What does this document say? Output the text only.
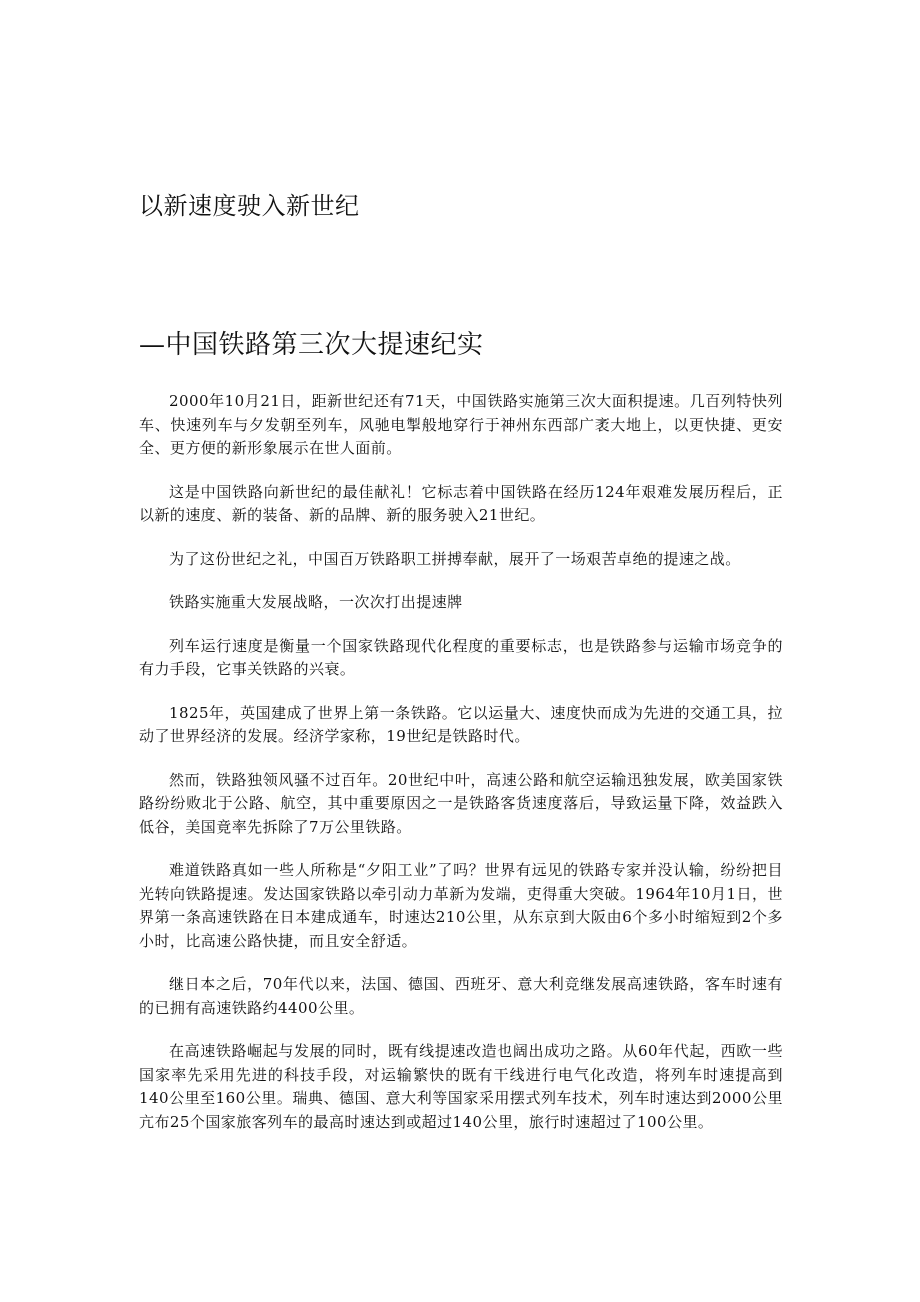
以新速度驶入新世纪
—中国铁路第三次大提速纪实

2000年10月21日，距新世纪还有71天，中国铁路实施第三次大面积提速。几百列特快列车、快速列车与夕发朝至列车，风驰电掣般地穿行于神州东西部广袤大地上，以更快捷、更安全、更方便的新形象展示在世人面前。

这是中国铁路向新世纪的最佳献礼！它标志着中国铁路在经历124年艰难发展历程后，正以新的速度、新的装备、新的品牌、新的服务驶入21世纪。

为了这份世纪之礼，中国百万铁路职工拼搏奉献，展开了一场艰苦卓绝的提速之战。

铁路实施重大发展战略，一次次打出提速牌

列车运行速度是衡量一个国家铁路现代化程度的重要标志，也是铁路参与运输市场竞争的有力手段，它事关铁路的兴衰。

1825年，英国建成了世界上第一条铁路。它以运量大、速度快而成为先进的交通工具，拉动了世界经济的发展。经济学家称，19世纪是铁路时代。

然而，铁路独领风骚不过百年。20世纪中叶，高速公路和航空运输迅独发展，欧美国家铁路纷纷败北于公路、航空，其中重要原因之一是铁路客货速度落后，导致运量下降，效益跌入低谷，美国竟率先拆除了7万公里铁路。

难道铁路真如一些人所称是“夕阳工业”了吗？世界有远见的铁路专家并没认输，纷纷把目光转向铁路提速。发达国家铁路以牵引动力革新为发端，吏得重大突破。1964年10月1日，世界第一条高速铁路在日本建成通车，时速达210公里，从东京到大阪由6个多小时缩短到2个多小时，比高速公路快捷，而且安全舒适。

继日本之后，70年代以来，法国、德国、西班牙、意大利竞继发展高速铁路，客车时速有的已拥有高速铁路约4400公里。

在高速铁路崛起与发展的同时，既有线提速改造也阔出成功之路。从60年代起，西欧一些国家率先采用先进的科技手段，对运输繁快的既有干线进行电气化改造，将列车时速提高到140公里至160公里。瑞典、德国、意大利等国家采用摆式列车技术，列车时速达到2000公里亢布25个国家旅客列车的最高时速达到或超过140公里，旅行时速超过了100公里。
